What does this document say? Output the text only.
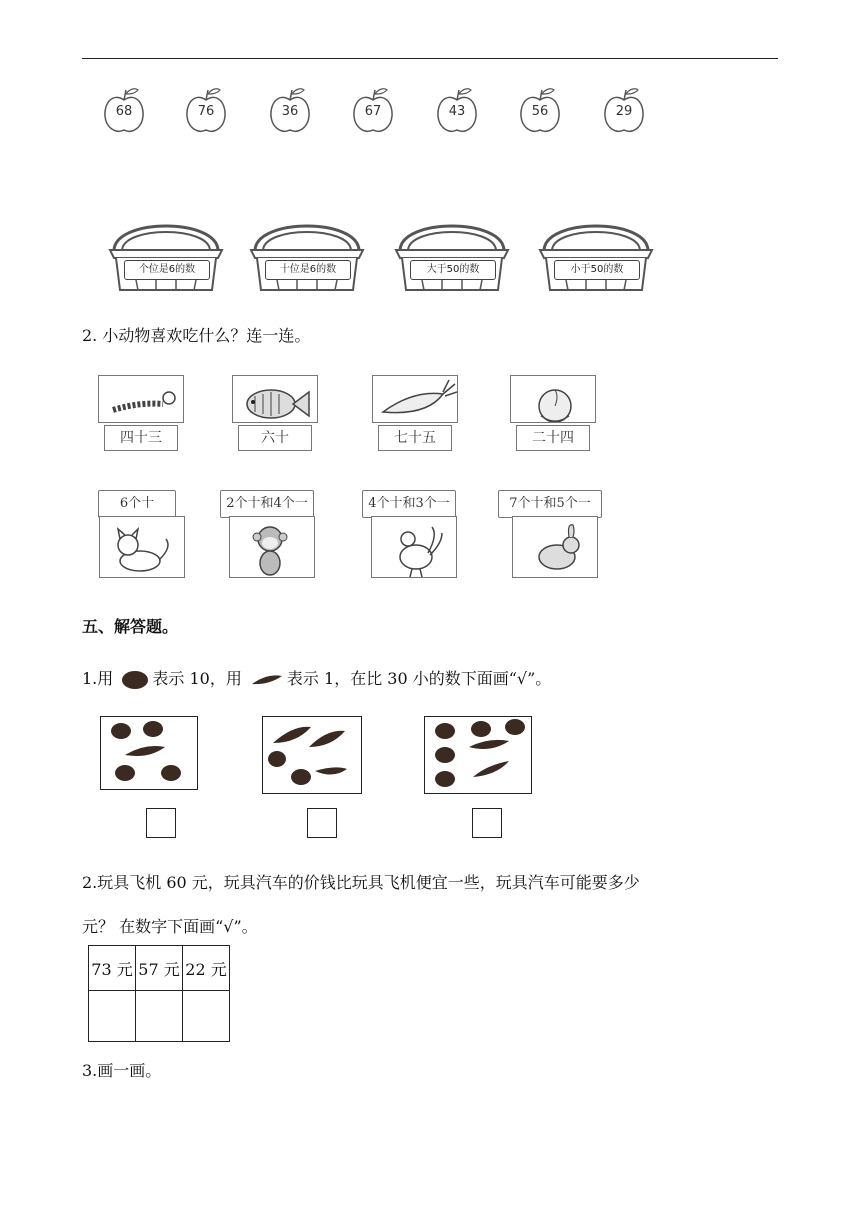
68	76	36	67	43	56	29
个位是6的数	十位是6的数	大于50的数	小于50的数
2. 小动物喜欢吃什么？连一连。
四十三	六十	七十五	二十四
6个十	2个十和4个一	4个十和3个一	7个十和5个一
五、解答题。
1.用 表示 10，用	表示 1，在比 30 小的数下面画“√”。
2.玩具飞机 60 元，玩具汽车的价钱比玩具飞机便宜一些，玩具汽车可能要多少
元？ 在数字下面画“√”。
73 元	57 元	22 元

3.画一画。
